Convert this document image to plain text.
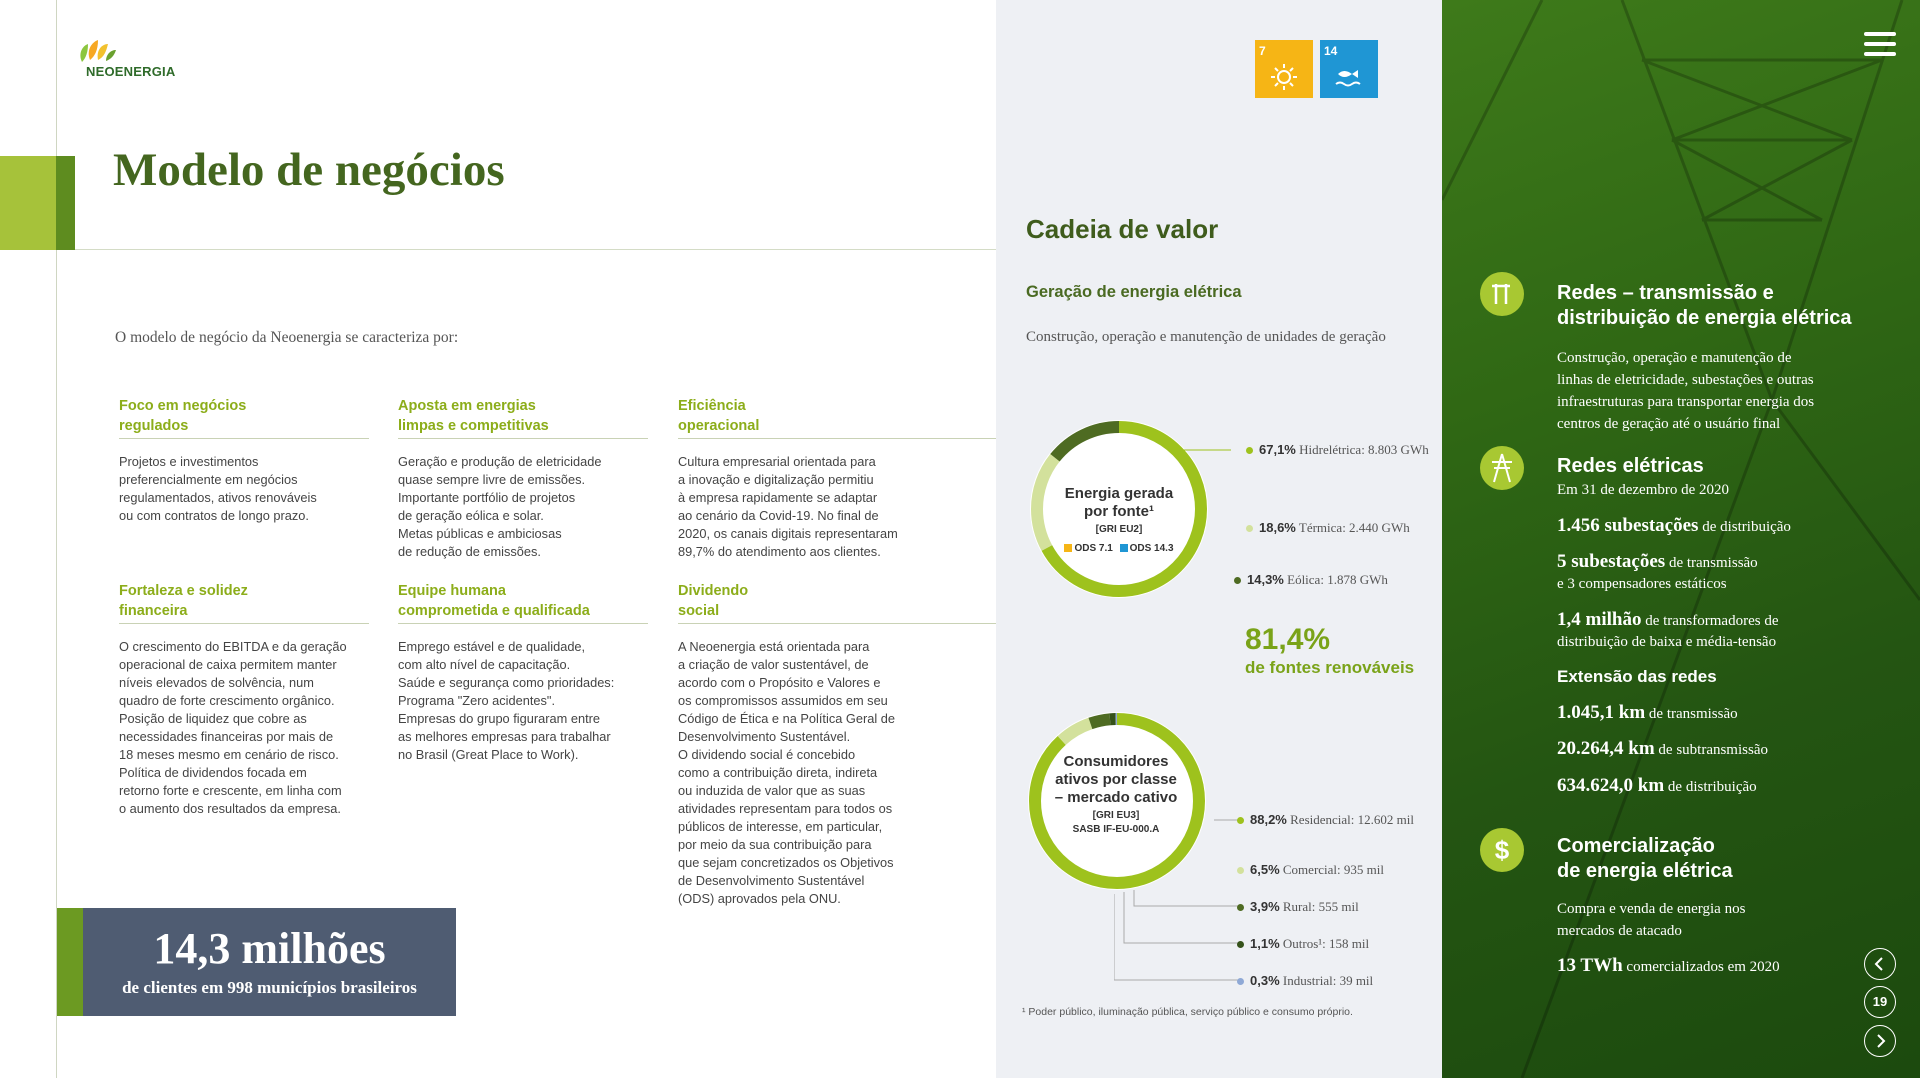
NEOENERGIA
Modelo de negócios

O modelo de negócio da Neoenergia se caracteriza por:

Foco em negócios
regulados

Projetos e investimentos
preferencialmente em negócios
regulamentados, ativos renováveis
ou com contratos de longo prazo.

Aposta em energias
limpas e competitivas

Geração e produção de eletricidade
quase sempre livre de emissões.
Importante portfólio de projetos
de geração eólica e solar.
Metas públicas e ambiciosas
de redução de emissões.

Eficiência
operacional

Cultura empresarial orientada para
a inovação e digitalização permitiu
à empresa rapidamente se adaptar
ao cenário da Covid-19. No final de
2020, os canais digitais representaram
89,7% do atendimento aos clientes.

Fortaleza e solidez
financeira

O crescimento do EBITDA e da geração
operacional de caixa permitem manter
níveis elevados de solvência, num
quadro de forte crescimento orgânico.
Posição de liquidez que cobre as
necessidades financeiras por mais de
18 meses mesmo em cenário de risco.
Política de dividendos focada em
retorno forte e crescente, em linha com
o aumento dos resultados da empresa.

Equipe humana
comprometida e qualificada

Emprego estável e de qualidade,
com alto nível de capacitação.
Saúde e segurança como prioridades:
Programa "Zero acidentes".
Empresas do grupo figuraram entre
as melhores empresas para trabalhar
no Brasil (Great Place to Work).

Dividendo
social

A Neoenergia está orientada para
a criação de valor sustentável, de
acordo com o Propósito e Valores e
os compromissos assumidos em seu
Código de Ética e na Política Geral de
Desenvolvimento Sustentável.
O dividendo social é concebido
como a contribuição direta, indireta
ou induzida de valor que as suas
atividades representam para todos os
públicos de interesse, em particular,
por meio da sua contribuição para
que sejam concretizados os Objetivos
de Desenvolvimento Sustentável
(ODS) aprovados pela ONU.

14,3 milhões
de clientes em 998 municípios brasileiros
7	14
Cadeia de valor
Geração de energia elétrica

Construção, operação e manutenção de unidades de geração

Energia gerada
por fonte¹
[GRI EU2]
ODS 7.1 ODS 14.3
67,1% Hidrelétrica: 8.803 GWh
18,6% Térmica: 2.440 GWh
14,3% Eólica: 1.878 GWh
81,4%
de fontes renováveis
Consumidores
ativos por classe
– mercado cativo
[GRI EU3]
SASB IF-EU-000.A
88,2% Residencial: 12.602 mil
6,5% Comercial: 935 mil
3,9% Rural: 555 mil
1,1% Outros¹: 158 mil
0,3% Industrial: 39 mil

¹ Poder público, iluminação pública, serviço público e consumo próprio.

Redes – transmissão e
distribuição de energia elétrica
Construção, operação e manutenção de
linhas de eletricidade, subestações e outras
infraestruturas para transportar energia dos
centros de geração até o usuário final
Redes elétricas
Em 31 de dezembro de 2020
1.456 subestações de distribuição
5 subestações de transmissão
e 3 compensadores estáticos
1,4 milhão de transformadores de
distribuição de baixa e média-tensão
Extensão das redes
1.045,1 km de transmissão
20.264,4 km de subtransmissão
634.624,0 km de distribuição
$ Comercialização
de energia elétrica
Compra e venda de energia nos
mercados de atacado
13 TWh comercializados em 2020
19
